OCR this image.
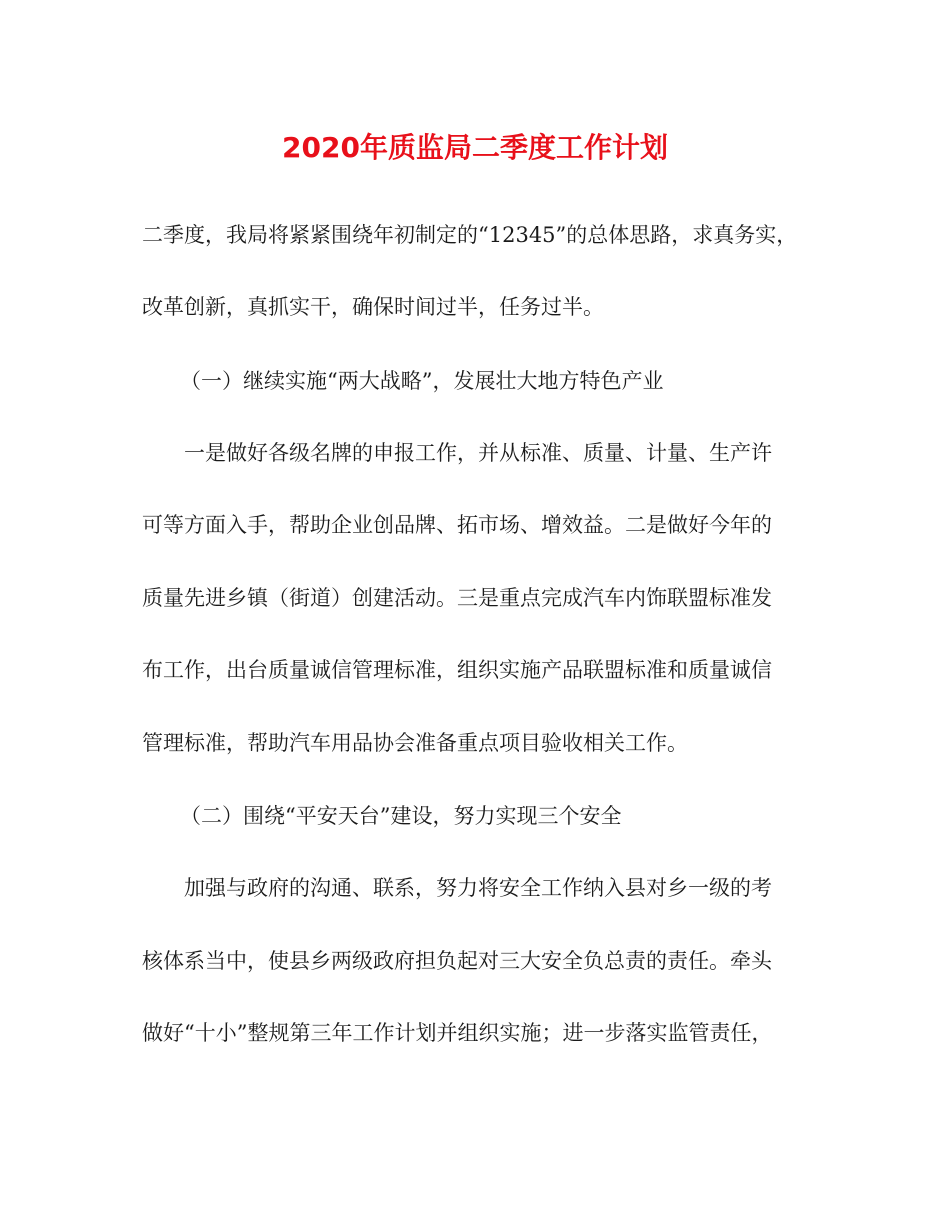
2020年质监局二季度工作计划
二季度，我局将紧紧围绕年初制定的“12345”的总体思路，求真务实，
改革创新，真抓实干，确保时间过半，任务过半。
（一）继续实施“两大战略”，发展壮大地方特色产业
一是做好各级名牌的申报工作，并从标准、质量、计量、生产许
可等方面入手，帮助企业创品牌、拓市场、增效益。二是做好今年的
质量先进乡镇（街道）创建活动。三是重点完成汽车内饰联盟标准发
布工作，出台质量诚信管理标准，组织实施产品联盟标准和质量诚信
管理标准，帮助汽车用品协会准备重点项目验收相关工作。
（二）围绕“平安天台”建设，努力实现三个安全
加强与政府的沟通、联系，努力将安全工作纳入县对乡一级的考
核体系当中，使县乡两级政府担负起对三大安全负总责的责任。牵头
做好“十小”整规第三年工作计划并组织实施；进一步落实监管责任，
